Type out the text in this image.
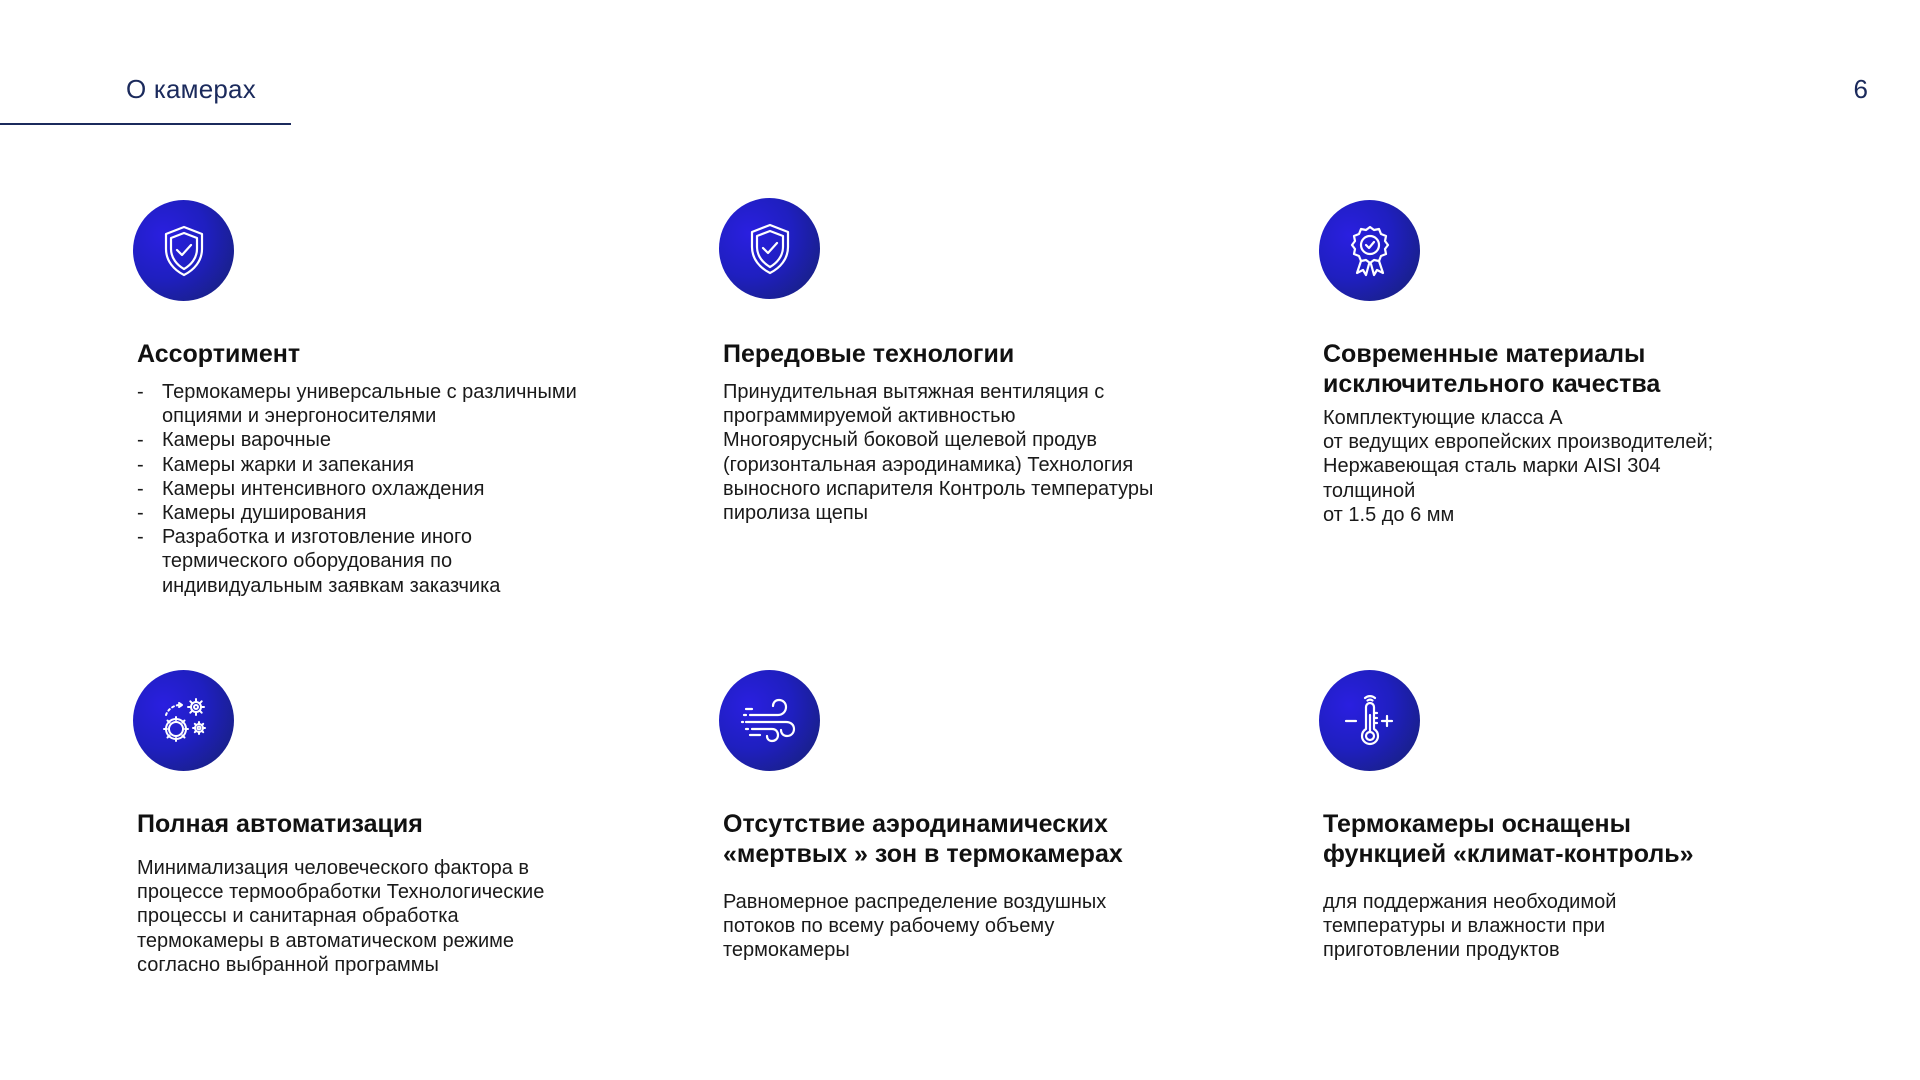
О камерах	6
Ассортимент
- Термокамеры универсальные с различными
опциями и энергоносителями
- Камеры варочные
- Камеры жарки и запекания
- Камеры интенсивного охлаждения
- Камеры душирования
- Разработка и изготовление иного
термического оборудования по
индивидуальным заявкам заказчика
Передовые технологии
Принудительная вытяжная вентиляция с
программируемой активностью
Многоярусный боковой щелевой продув
(горизонтальная аэродинамика) Технология
выносного испарителя Контроль температуры
пиролиза щепы
Современные материалы
исключительного качества
Комплектующие класса А
от ведущих европейских производителей;
Нержавеющая сталь марки AISI 304
толщиной
от 1.5 до 6 мм
Полная автоматизация
Минимализация человеческого фактора в
процессе термообработки Технологические
процессы и санитарная обработка
термокамеры в автоматическом режиме
согласно выбранной программы
Отсутствие аэродинамических
«мертвых » зон в термокамерах
Равномерное распределение воздушных
потоков по всему рабочему объему
термокамеры
Термокамеры оснащены
функцией «климат-контроль»
для поддержания необходимой
температуры и влажности при
приготовлении продуктов
